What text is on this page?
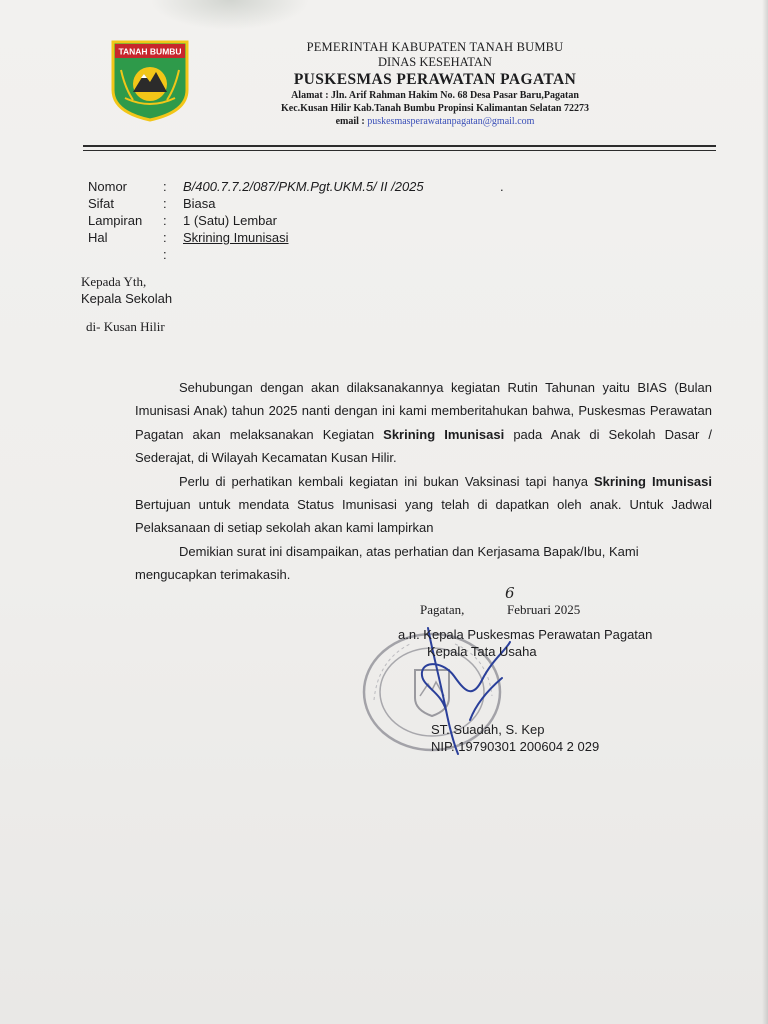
TANAH BUMBU	PEMERINTAH KABUPATEN TANAH BUMBU
DINAS KESEHATAN
PUSKESMAS PERAWATAN PAGATAN
Alamat : Jln. Arif Rahman Hakim No. 68 Desa Pasar Baru,Pagatan
Kec.Kusan Hilir Kab.Tanah Bumbu Propinsi Kalimantan Selatan 72273
email : puskesmasperawatanpagatan@gmail.com
Nomor	: B/400.7.7.2/087/PKM.Pgt.UKM.5/ II /2025	.
Sifat	: Biasa
Lampiran : 1 (Satu) Lembar
Hal	: Skrining Imunisasi
:
Kepada Yth,
Kepala Sekolah
di- Kusan Hilir

Sehubungan dengan akan dilaksanakannya kegiatan Rutin Tahunan yaitu BIAS (Bulan Imunisasi Anak) tahun 2025 nanti dengan ini kami memberitahukan bahwa, Puskesmas Perawatan Pagatan akan melaksanakan Kegiatan Skrining Imunisasi pada Anak di Sekolah Dasar / Sederajat, di Wilayah Kecamatan Kusan Hilir.

Perlu di perhatikan kembali kegiatan ini bukan Vaksinasi tapi hanya Skrining Imunisasi Bertujuan untuk mendata Status Imunisasi yang telah di dapatkan oleh anak. Untuk Jadwal Pelaksanaan di setiap sekolah akan kami lampirkan

Demikian surat ini disampaikan, atas perhatian dan Kerjasama Bapak/Ibu, Kami mengucapkan terimakasih.

6
Pagatan,	Februari 2025
a.n. Kepala Puskesmas Perawatan Pagatan
Kepala Tata Usaha
ST. Suadah, S. Kep
NIP. 19790301 200604 2 029
